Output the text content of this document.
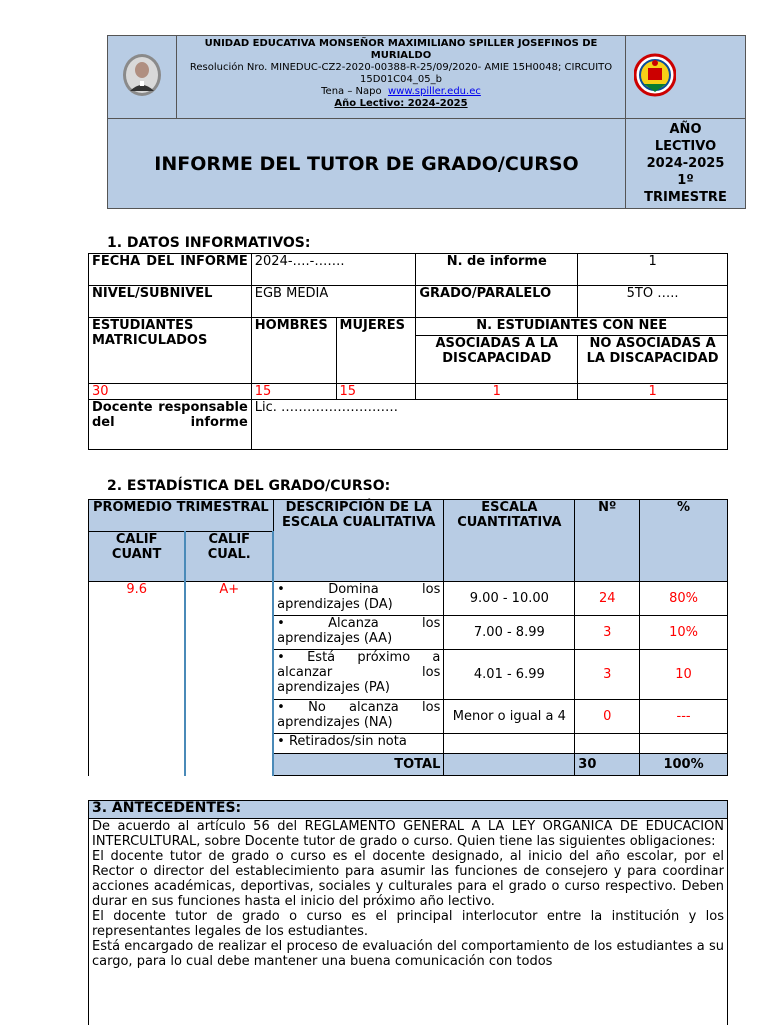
UNIDAD EDUCATIVA MONSEÑOR MAXIMILIANO SPILLER JOSEFINOS DE MURIALDO
Resolución Nro. MINEDUC-CZ2-2020-00388-R-25/09/2020- AMIE 15H0048; CIRCUITO 15D01C04_05_b
Tena – Napo www.spiller.edu.ec
Año Lectivo: 2024-2025

INFORME DEL TUTOR DE GRADO/CURSO		AÑO
LECTIVO
2024-2025
1º
TRIMESTRE
1. DATOS INFORMATIVOS:
FECHA DEL INFORME	2024-….-…….		N. de informe	1
NIVEL/SUBNIVEL	EGB MEDIA		GRADO/PARALELO	5TO …..
ESTUDIANTES MATRICULADOS	HOMBRES	MUJERES	N. ESTUDIANTES CON NEE	
			ASOCIADAS A LA DISCAPACIDAD	NO ASOCIADAS A LA DISCAPACIDAD
30	15	15	1	1
Docente responsable del informe	Lic. ………………………			
2. ESTADÍSTICA DEL GRADO/CURSO:
PROMEDIO TRIMESTRAL		DESCRIPCIÓN DE LA ESCALA CUALITATIVA	ESCALA CUANTITATIVA	Nº	%
CALIF CUANT	CALIF CUAL.				
9.6	A+	• Domina los aprendizajes (DA)	9.00 - 10.00	24	80%
		• Alcanza los aprendizajes (AA)	7.00 - 8.99	3	10%
		• Está próximo a alcanzar los aprendizajes (PA)	4.01 - 6.99	3	10
		• No alcanza los aprendizajes (NA)	Menor o igual a 4	0	---
		• Retirados/sin nota			
		TOTAL		30	100%
3. ANTECEDENTES:

De acuerdo al artículo 56 del REGLAMENTO GENERAL A LA LEY ORGANICA DE EDUCACION INTERCULTURAL, sobre Docente tutor de grado o curso. Quien tiene las siguientes obligaciones:
El docente tutor de grado o curso es el docente designado, al inicio del año escolar, por el Rector o director del establecimiento para asumir las funciones de consejero y para coordinar acciones académicas, deportivas, sociales y culturales para el grado o curso respectivo. Deben durar en sus funciones hasta el inicio del próximo año lectivo.
El docente tutor de grado o curso es el principal interlocutor entre la institución y los representantes legales de los estudiantes.
Está encargado de realizar el proceso de evaluación del comportamiento de los estudiantes a su cargo, para lo cual debe mantener una buena comunicación con todos
